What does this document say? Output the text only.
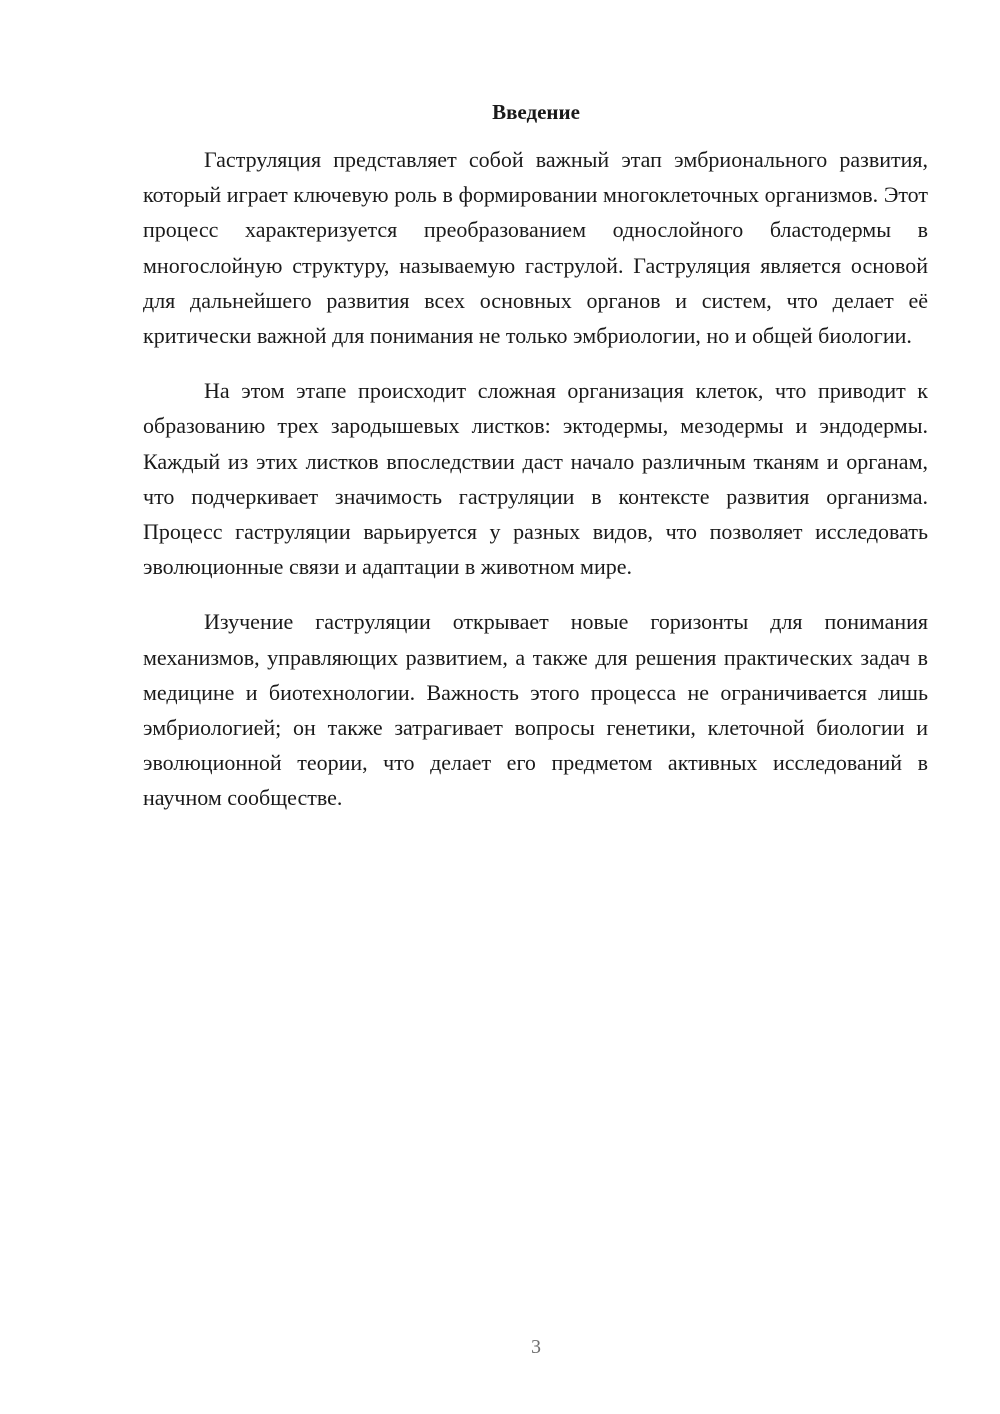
Введение

Гаструляция представляет собой важный этап эмбрионального развития, который играет ключевую роль в формировании многоклеточных организмов. Этот процесс характеризуется преобразованием однослойного бластодермы в многослойную структуру, называемую гаструлой. Гаструляция является основой для дальнейшего развития всех основных органов и систем, что делает её критически важной для понимания не только эмбриологии, но и общей биологии.

На этом этапе происходит сложная организация клеток, что приводит к образованию трех зародышевых листков: эктодермы, мезодермы и эндодермы. Каждый из этих листков впоследствии даст начало различным тканям и органам, что подчеркивает значимость гаструляции в контексте развития организма. Процесс гаструляции варьируется у разных видов, что позволяет исследовать эволюционные связи и адаптации в животном мире.

Изучение гаструляции открывает новые горизонты для понимания механизмов, управляющих развитием, а также для решения практических задач в медицине и биотехнологии. Важность этого процесса не ограничивается лишь эмбриологией; он также затрагивает вопросы генетики, клеточной биологии и эволюционной теории, что делает его предметом активных исследований в научном сообществе.

3
